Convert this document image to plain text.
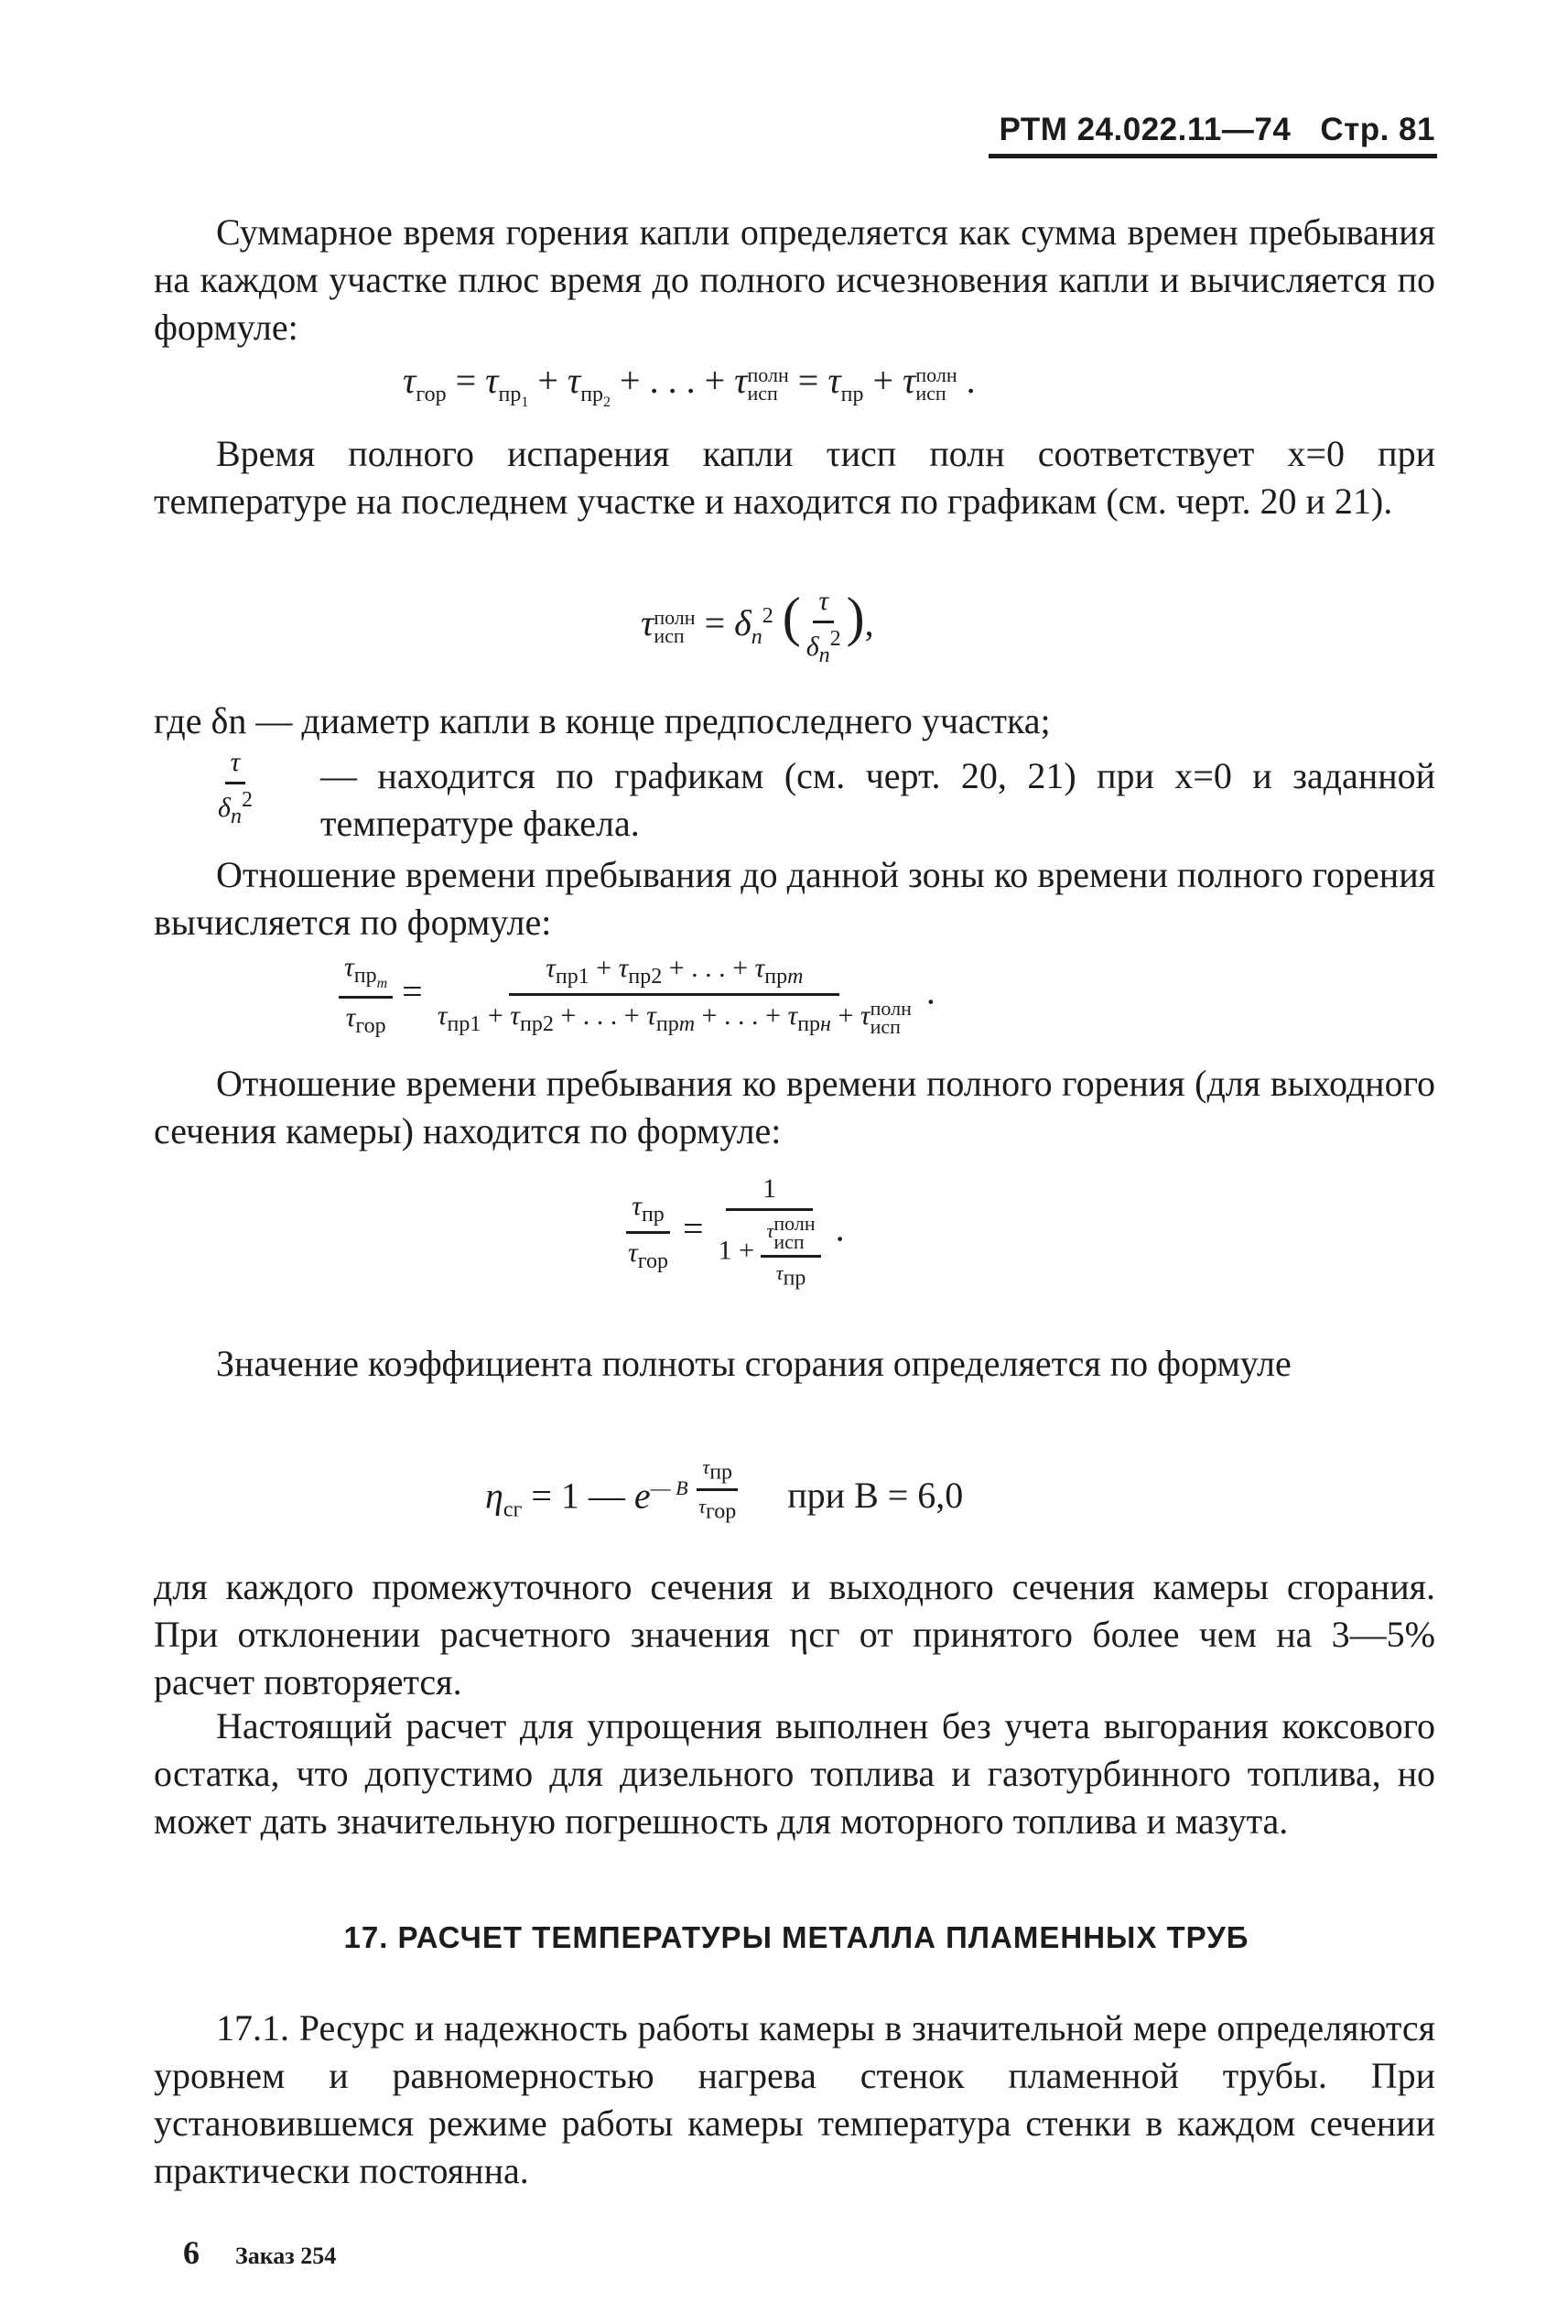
РТМ 24.022.11—74 Стр. 81

Суммарное время горения капли определяется как сумма времен пребывания на каждом участке плюс время до полного исчезновения капли и вычисляется по формуле:

$\tau_{гор} = \tau_{пр_1} + \tau_{пр_2}$ + . . . + τ полн
исп = $\tau_{пр} + \tau$ полн
исп .

Время полного испарения капли τисп полн соответствует x=0 при температуре на последнем участке и находится по графикам (см. черт. 20 и 21).

τ полн
исп = $\delta_n^2$ ( $\frac{\tau}{\delta_n^2}$ ),

где δn — диаметр капли в конце предпоследнего участка;

$\frac{\tau}{\delta_n^2}$ — находится по графикам (см. черт. 20, 21) при x=0 и заданной температуре факела.

Отношение времени пребывания до данной зоны ко времени полного горения вычисляется по формуле:

$\frac{\tau_{пр_m}}{\tau_{гор}} = \tau_{пр1} + \tau_{пр2}$ + . . . + $\tau_{прm}$
$\tau_{пр1} + \tau_{пр2}$ + . . . + $\tau_{прm}$ + . . . + $\tau_{прн} + \tau$ полн
исп .

Отношение времени пребывания ко времени полного горения (для выходного сечения камеры) находится по формуле:

$\frac{\tau_{пр}}{\tau_{гор}} = 1$
1 + τ полн
исп
$\tau_{пр}$ .

Значение коэффициента полноты сгорания определяется по формуле

$\eta_{сг} = 1$ — $e^{— B \frac{\tau_{пр}}{\tau_{гор}}}$ при B = 6,0

для каждого промежуточного сечения и выходного сечения камеры сгорания. При отклонении расчетного значения ηсг от принятого более чем на 3—5% расчет повторяется.

Настоящий расчет для упрощения выполнен без учета выгорания коксового остатка, что допустимо для дизельного топлива и газотурбинного топлива, но может дать значительную погрешность для моторного топлива и мазута.

17. РАСЧЕТ ТЕМПЕРАТУРЫ МЕТАЛЛА ПЛАМЕННЫХ ТРУБ

17.1. Ресурс и надежность работы камеры в значительной мере определяются уровнем и равномерностью нагрева стенок пламенной трубы. При установившемся режиме работы камеры температура стенки в каждом сечении практически постоянна.

6 Заказ 254
